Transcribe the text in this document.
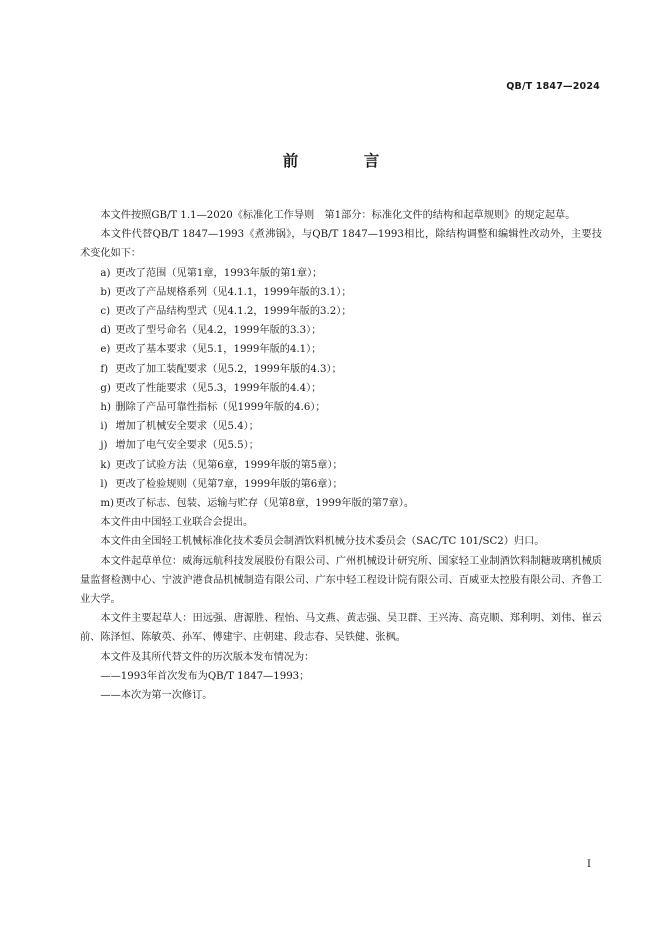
QB/T 1847—2024
前 言

本文件按照GB/T 1.1—2020《标准化工作导则　第1部分：标准化文件的结构和起草规则》的规定起草。

本文件代替QB/T 1847—1993《煮沸锅》，与QB/T 1847—1993相比，除结构调整和编辑性改动外，主要技术变化如下：

a) 更改了范围（见第1章，1993年版的第1章）；
b) 更改了产品规格系列（见4.1.1，1999年版的3.1）；
c) 更改了产品结构型式（见4.1.2，1999年版的3.2）；
d) 更改了型号命名（见4.2，1999年版的3.3）；
e) 更改了基本要求（见5.1，1999年版的4.1）；
f) 更改了加工装配要求（见5.2，1999年版的4.3）；
g) 更改了性能要求（见5.3，1999年版的4.4）；
h) 删除了产品可靠性指标（见1999年版的4.6）；
i) 增加了机械安全要求（见5.4）；
j) 增加了电气安全要求（见5.5）；
k) 更改了试验方法（见第6章，1999年版的第5章）；
l) 更改了检验规则（见第7章，1999年版的第6章）；
m)更改了标志、包装、运输与贮存（见第8章，1999年版的第7章）。

本文件由中国轻工业联合会提出。

本文件由全国轻工机械标准化技术委员会制酒饮料机械分技术委员会（SAC/TC 101/SC2）归口。

本文件起草单位：威海远航科技发展股份有限公司、广州机械设计研究所、国家轻工业制酒饮料制糖玻璃机械质量监督检测中心、宁波沪港食品机械制造有限公司、广东中轻工程设计院有限公司、百威亚太控股有限公司、齐鲁工业大学。

本文件主要起草人：田远强、唐源胜、程怡、马文燕、黄志强、吴卫群、王兴涛、高克顺、郑利明、刘伟、崔云前、陈泽恒、陈敏英、孙军、傅建宇、庄朝建、段志春、吴铁健、张枫。

本文件及其所代替文件的历次版本发布情况为：

——1993年首次发布为QB/T 1847—1993；
——本次为第一次修订。
I
